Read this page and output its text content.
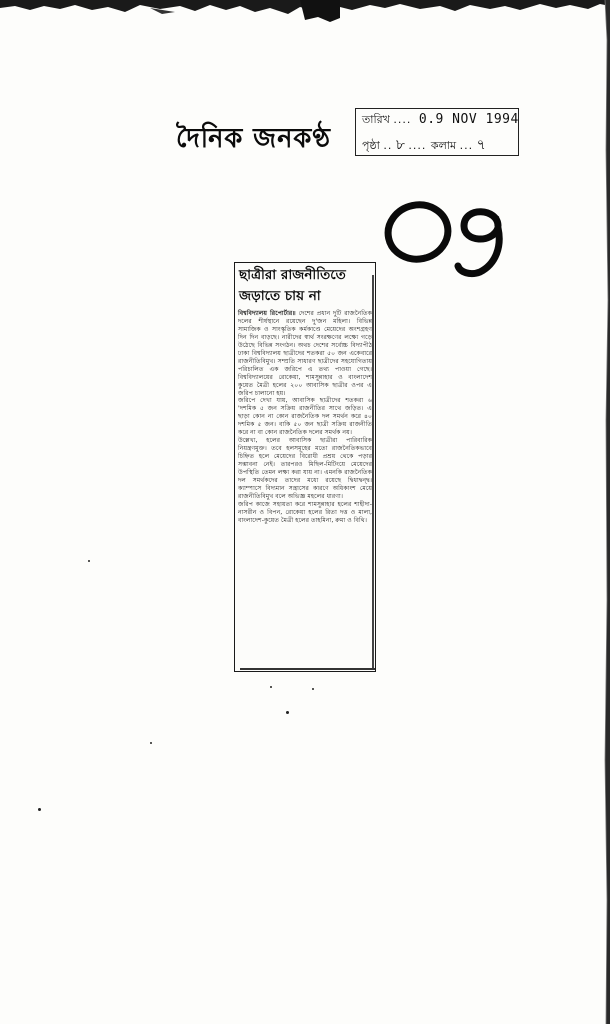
দৈনিক জনকণ্ঠ
তারিখ .... 0.9 NOV 1994
পৃষ্ঠা .. ৮ .... কলাম ... ৭
ছাত্রীরা রাজনীতিতে
জড়াতে চায় না

বিশ্ববিদ্যালয় রিপোর্টার॥ দেশের প্রধান দুটি রাজনৈতিক দলের শীর্ষস্থানে রয়েছেন দু'জন মহিলা। বিভিন্ন সামাজিক ও সাংস্কৃতিক কর্মকাণ্ডে মেয়েদের অংশগ্রহণ দিন দিন বাড়ছে। নারীদের স্বার্থ সংরক্ষণের লক্ষ্যে গড়ে উঠেছে বিভিন্ন সংগঠন। অথচ দেশের সর্বোচ্চ বিদ্যাপীঠ ঢাকা বিশ্ববিদ্যালয় ছাত্রীদের শতকরা ৫০ জন একেবারে রাজনীতিবিমুখ। সম্প্রতি সাধারণ ছাত্রীদের সহযোগিতায় পরিচালিত এক জরিপে এ তথ্য পাওয়া গেছে। বিশ্ববিদ্যালয়ের রোকেয়া, শামসুন্নাহার ও বাংলাদেশ কুয়েত মৈত্রী হলের ২০০ আবাসিক ছাত্রীর ওপর এ জরিপ চালানো হয়।

জরিপে দেখা যায়, আবাসিক ছাত্রীদের শতকরা ৬ 'দশমিক ৫ জন সক্রিয় রাজনীতির সাথে জড়িত। এ ছাড়া কোন না কোন রাজনৈতিক দল সমর্থন করে ৪০ দশমিক ৫ জন। বাকি ৫০ জন ছাত্রী সক্রিয় রাজনীতি করে না বা কোন রাজনৈতিক দলের সমর্থক নয়।

উল্লেখ্য, হলের আবাসিক ছাত্রীরা পারিবারিক নিয়ন্ত্রণমুক্ত। তবে হলসমূহের মতো রাজনৈতিকভাবে চিহ্নিত হলে মেয়েদের বিরোধী প্রশ্রয় থেকে পড়ার সম্ভাবনা নেই। তারপরও মিছিল-মিটিংয়ে মেয়েদের উপস্থিতি তেমন লক্ষ্য করা যায় না। এমনকি রাজনৈতিক দল সমর্থকদের তাদের মধ্যে রয়েছে দ্বিধাদ্বন্দ্ব। ক্যাম্পাসে বিদ্যমান সন্ত্রাসের কারণে অধিকাংশ মেয়ে রাজনীতিবিমুখ বলে অভিজ্ঞ মহলের ধারণা।

জরিপ কাজে সহায়তা করে শামসুন্নাহার হলের শাহীদা-নাসরীন ও বিপন, রোকেয়া হলের রিতা দত্ত ও মালা, বাংলাদেশ-কুয়েত মৈত্রী হলের তাহমিনা, রুমা ও বিথি।
